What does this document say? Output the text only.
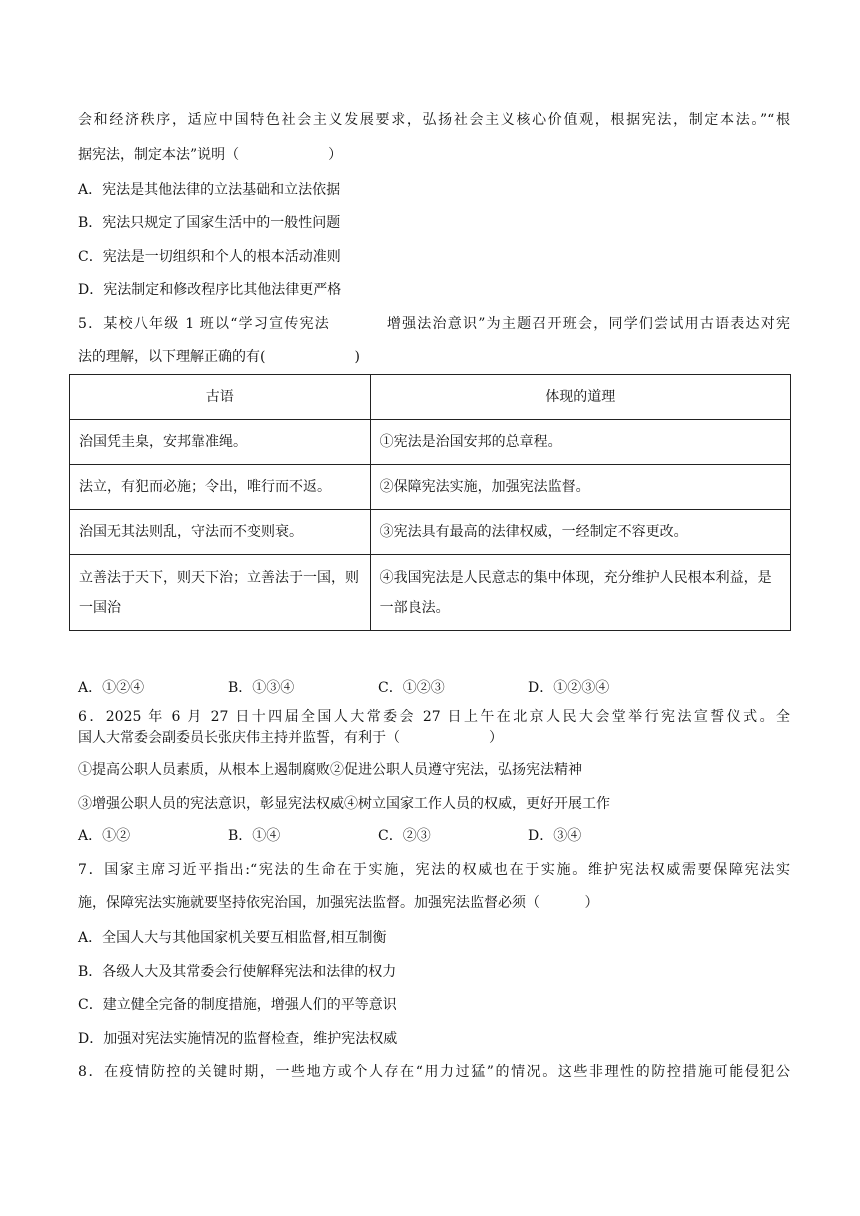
会和经济秩序，适应中国特色社会主义发展要求，弘扬社会主义核心价值观，根据宪法，制定本法。”“根
据宪法，制定本法”说明（                    ）
A．宪法是其他法律的立法基础和立法依据
B．宪法只规定了国家生活中的一般性问题
C．宪法是一切组织和个人的根本活动准则
D．宪法制定和修改程序比其他法律更严格
5．某校八年级 1 班以“学习宣传宪法          增强法治意识”为主题召开班会，同学们尝试用古语表达对宪
法的理解，以下理解正确的有(                    )
古语	体现的道理
治国凭圭臬，安邦靠准绳。	①宪法是治国安邦的总章程。
法立，有犯而必施；令出，唯行而不返。	②保障宪法实施，加强宪法监督。
治国无其法则乱，守法而不变则衰。	③宪法具有最高的法律权威，一经制定不容更改。
立善法于天下，则天下治；立善法于一国，则一国治	④我国宪法是人民意志的集中体现，充分维护人民根本利益，是一部良法。
A．①②④	B．①③④	C．①②③	D．①②③④
6．2025 年 6 月 27 日十四届全国人大常委会 27 日上午在北京人民大会堂举行宪法宣誓仪式。全
国人大常委会副委员长张庆伟主持并监誓，有利于（                    ）
①提高公职人员素质，从根本上遏制腐败②促进公职人员遵守宪法，弘扬宪法精神
③增强公职人员的宪法意识，彰显宪法权威④树立国家工作人员的权威，更好开展工作
A．①②	B．①④	C．②③	D．③④
7．国家主席习近平指出:“宪法的生命在于实施，宪法的权威也在于实施。维护宪法权威需要保障宪法实
施，保障宪法实施就要坚持依宪治国，加强宪法监督。加强宪法监督必须（          ）
A．全国人大与其他国家机关要互相监督,相互制衡
B．各级人大及其常委会行使解释宪法和法律的权力
C．建立健全完备的制度措施，增强人们的平等意识
D．加强对宪法实施情况的监督检查，维护宪法权威
8．在疫情防控的关键时期，一些地方或个人存在“用力过猛”的情况。这些非理性的防控措施可能侵犯公
